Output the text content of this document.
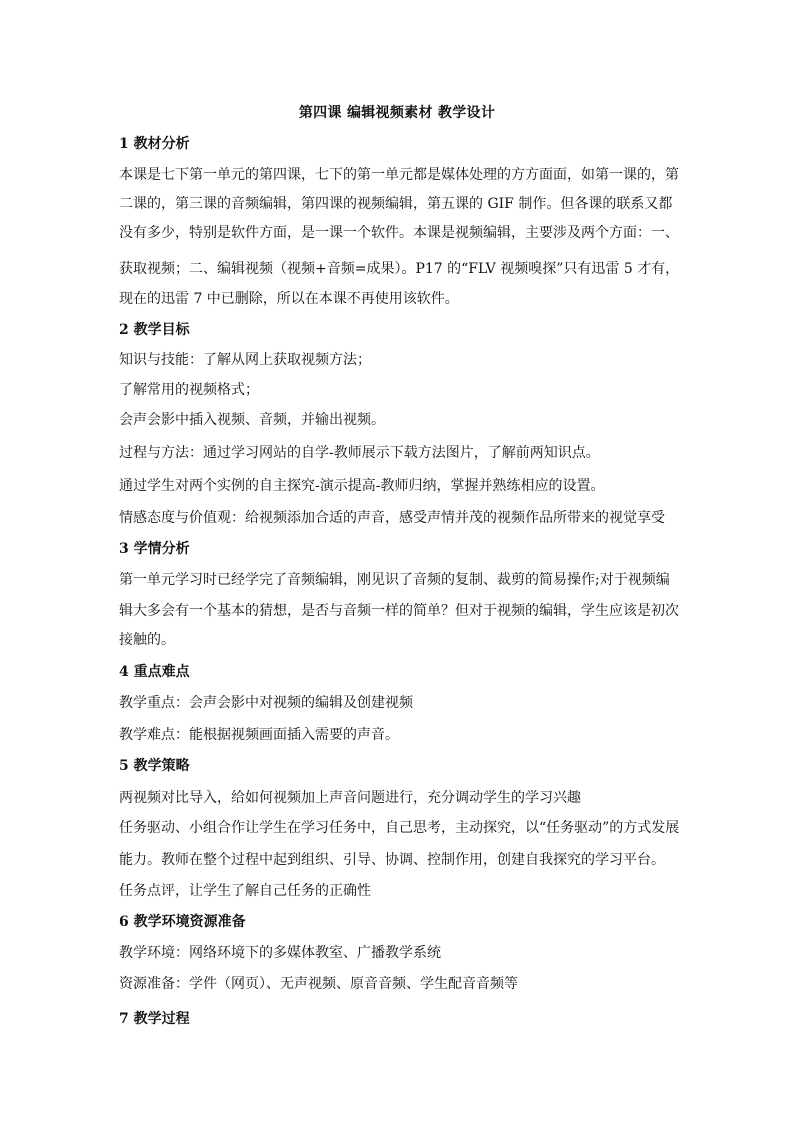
第四课 编辑视频素材 教学设计
1 教材分析
本课是七下第一单元的第四课，七下的第一单元都是媒体处理的方方面面，如第一课的，第
二课的，第三课的音频编辑，第四课的视频编辑，第五课的 GIF 制作。但各课的联系又都
没有多少，特别是软件方面，是一课一个软件。本课是视频编辑，主要涉及两个方面：一、
获取视频；二、编辑视频（视频+音频=成果）。P17 的“FLV 视频嗅探”只有迅雷 5 才有，
现在的迅雷 7 中已删除，所以在本课不再使用该软件。
2 教学目标
知识与技能：了解从网上获取视频方法；
了解常用的视频格式；
会声会影中插入视频、音频，并输出视频。
过程与方法：通过学习网站的自学-教师展示下载方法图片，了解前两知识点。
通过学生对两个实例的自主探究-演示提高-教师归纳，掌握并熟练相应的设置。
情感态度与价值观：给视频添加合适的声音，感受声情并茂的视频作品所带来的视觉享受
3 学情分析
第一单元学习时已经学完了音频编辑，刚见识了音频的复制、裁剪的简易操作;对于视频编
辑大多会有一个基本的猜想，是否与音频一样的简单？但对于视频的编辑，学生应该是初次
接触的。
4 重点难点
教学重点：会声会影中对视频的编辑及创建视频
教学难点：能根据视频画面插入需要的声音。
5 教学策略
两视频对比导入，给如何视频加上声音问题进行，充分调动学生的学习兴趣
任务驱动、小组合作让学生在学习任务中，自己思考，主动探究，以“任务驱动”的方式发展
能力。教师在整个过程中起到组织、引导、协调、控制作用，创建自我探究的学习平台。
任务点评，让学生了解自己任务的正确性
6 教学环境资源准备
教学环境：网络环境下的多媒体教室、广播教学系统
资源准备：学件（网页）、无声视频、原音音频、学生配音音频等
7 教学过程
